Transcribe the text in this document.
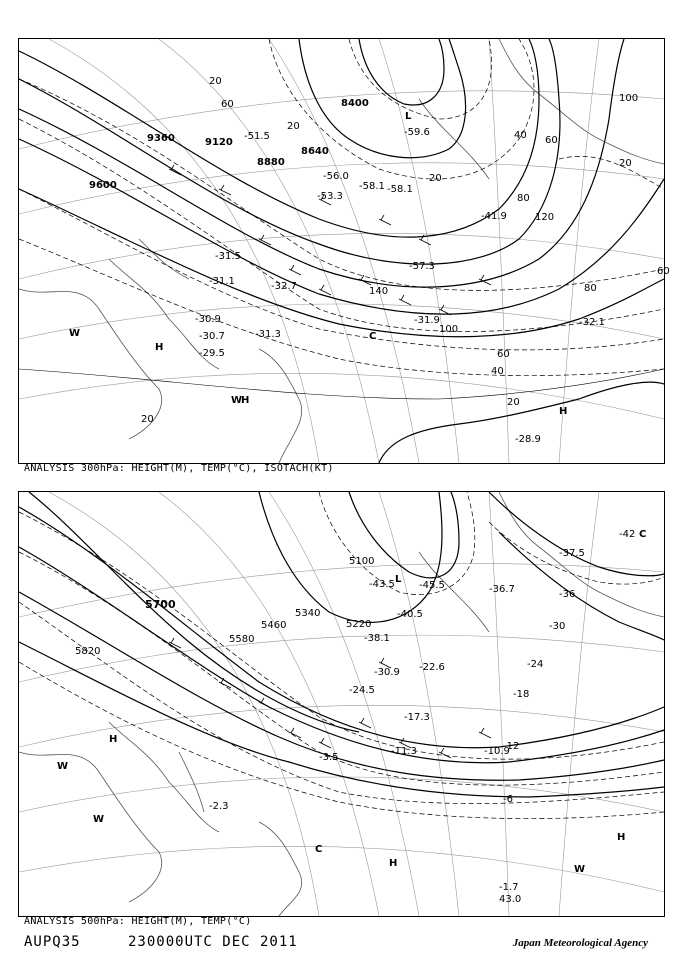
9360	9120
8880
8640
8400
9600
20
60
20
40 60
20
80
120
60
80
140
100
60
40
20
20
20
100
-31.1
-31.5
-32.7
-30.9
-30.7
-29.5
-31.3
-31.9	-32.1
-28.9
-51.5
-58.1
-56.0
-59.6
-58.1
-53.3
-57.3
-41.9
L
H
H
H
C
W
W
ANALYSIS 300hPa: HEIGHT(M), TEMP(°C), ISOTACH(KT)
5700
5580
5460
5340
5220
5820
5100
-36
-30
-24
-18
-12
-6
-42
-43.5 -45.5	-36.7
-38.1
-30.9
-24.5
-22.6
-17.3
-10.9
-11.3
-3.5
-2.3
-1.7
-40.5
-37.5
43.0
L
H
H
H
C
C
W
W
W
ANALYSIS 500hPa: HEIGHT(M), TEMP(°C)
AUPQ35	230000UTC DEC 2011	Japan Meteorological Agency
